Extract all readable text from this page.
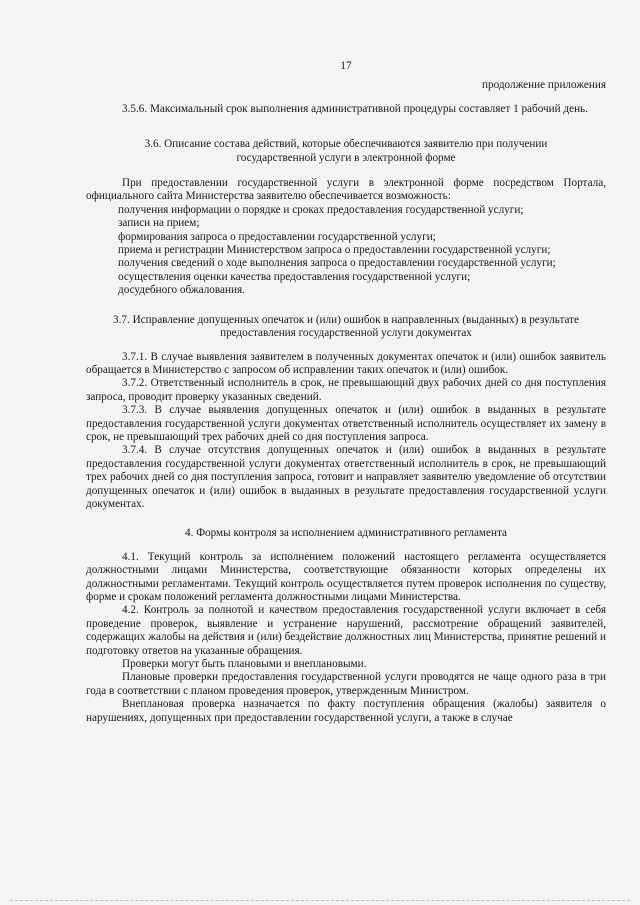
17
продолжение приложения

3.5.6. Максимальный срок выполнения административной процедуры составляет 1 рабочий день.

3.6. Описание состава действий, которые обеспечиваются заявителю при получении государственной услуги в электронной форме

При предоставлении государственной услуги в электронной форме посредством Портала, официального сайта Министерства заявителю обеспечивается возможность:

получения информации о порядке и сроках предоставления государственной услуги;

записи на прием;

формирования запроса о предоставлении государственной услуги;

приема и регистрации Министерством запроса о предоставлении государственной услуги;

получения сведений о ходе выполнения запроса о предоставлении государственной услуги;

осуществления оценки качества предоставления государственной услуги;

досудебного обжалования.

3.7. Исправление допущенных опечаток и (или) ошибок в направленных (выданных) в результате предоставления государственной услуги документах

3.7.1. В случае выявления заявителем в полученных документах опечаток и (или) ошибок заявитель обращается в Министерство с запросом об исправлении таких опечаток и (или) ошибок.

3.7.2. Ответственный исполнитель в срок, не превышающий двух рабочих дней со дня поступления запроса, проводит проверку указанных сведений.

3.7.3. В случае выявления допущенных опечаток и (или) ошибок в выданных в результате предоставления государственной услуги документах ответственный исполнитель осуществляет их замену в срок, не превышающий трех рабочих дней со дня поступления запроса.

3.7.4. В случае отсутствия допущенных опечаток и (или) ошибок в выданных в результате предоставления государственной услуги документах ответственный исполнитель в срок, не превышающий трех рабочих дней со дня поступления запроса, готовит и направляет заявителю уведомление об отсутствии допущенных опечаток и (или) ошибок в выданных в результате предоставления государственной услуги документах.

4. Формы контроля за исполнением административного регламента

4.1. Текущий контроль за исполнением положений настоящего регламента осуществляется должностными лицами Министерства, соответствующие обязанности которых определены их должностными регламентами. Текущий контроль осуществляется путем проверок исполнения по существу, форме и срокам положений регламента должностными лицами Министерства.

4.2. Контроль за полнотой и качеством предоставления государственной услуги включает в себя проведение проверок, выявление и устранение нарушений, рассмотрение обращений заявителей, содержащих жалобы на действия и (или) бездействие должностных лиц Министерства, принятие решений и подготовку ответов на указанные обращения.

Проверки могут быть плановыми и внеплановыми.

Плановые проверки предоставления государственной услуги проводятся не чаще одного раза в три года в соответствии с планом проведения проверок, утвержденным Министром.

Внеплановая проверка назначается по факту поступления обращения (жалобы) заявителя о нарушениях, допущенных при предоставлении государственной услуги, а также в случае
